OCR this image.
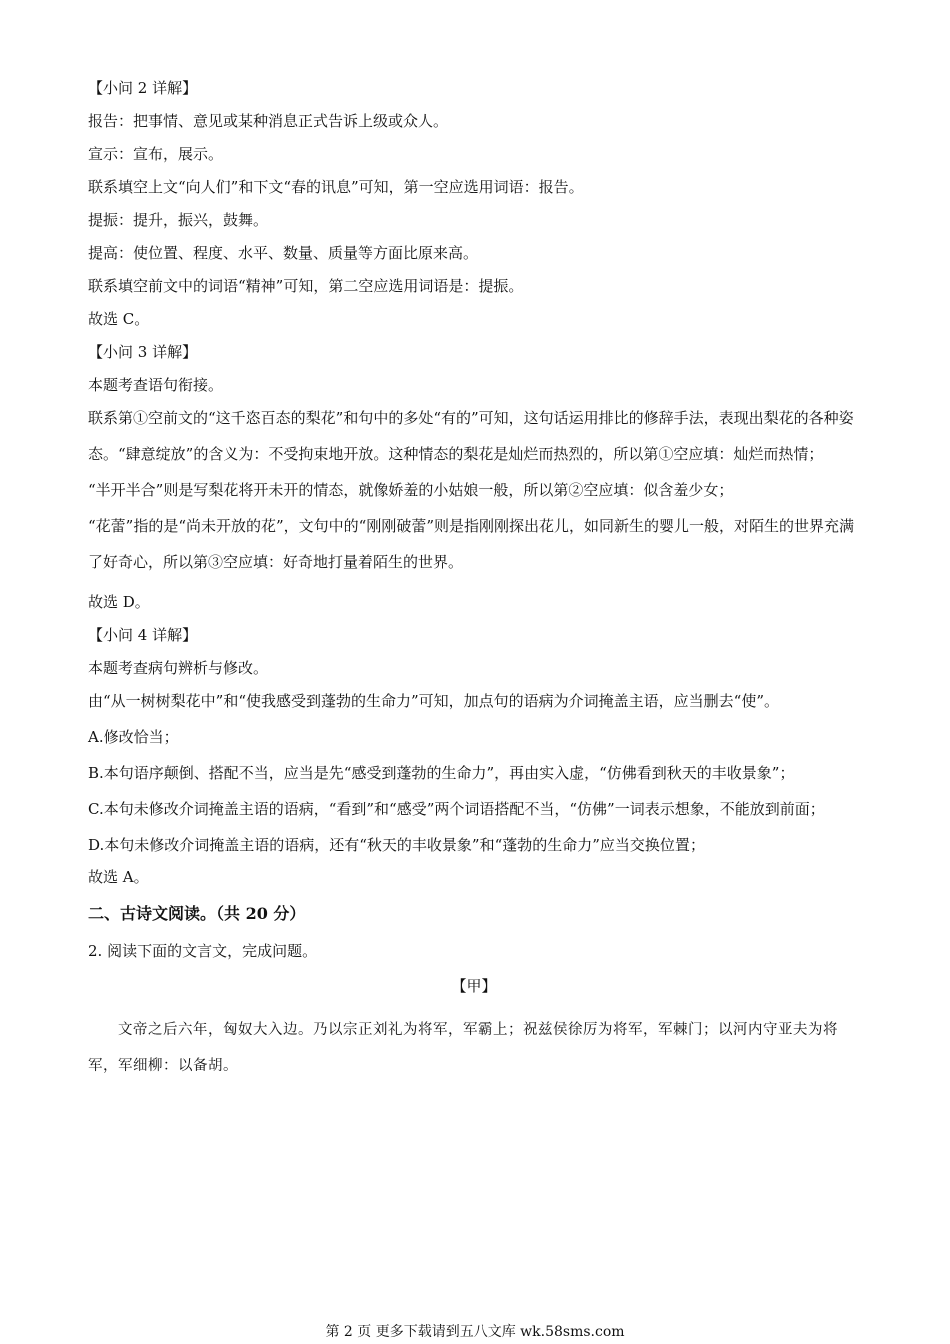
【小问 2 详解】

报告：把事情、意见或某种消息正式告诉上级或众人。

宣示：宣布，展示。

联系填空上文“向人们”和下文“春的讯息”可知，第一空应选用词语：报告。

提振：提升，振兴，鼓舞。

提高：使位置、程度、水平、数量、质量等方面比原来高。

联系填空前文中的词语“精神”可知，第二空应选用词语是：提振。

故选 C。

【小问 3 详解】

本题考查语句衔接。

联系第①空前文的“这千恣百态的梨花”和句中的多处“有的”可知，这句话运用排比的修辞手法，表现出梨花的各种姿态。“肆意绽放”的含义为：不受拘束地开放。这种情态的梨花是灿烂而热烈的，所以第①空应填：灿烂而热情；

“半开半合”则是写梨花将开未开的情态，就像娇羞的小姑娘一般，所以第②空应填：似含羞少女；

“花蕾”指的是“尚未开放的花”，文句中的“刚刚破蕾”则是指刚刚探出花儿，如同新生的婴儿一般，对陌生的世界充满了好奇心，所以第③空应填：好奇地打量着陌生的世界。

故选 D。

【小问 4 详解】

本题考查病句辨析与修改。

由“从一树树梨花中”和“使我感受到蓬勃的生命力”可知，加点句的语病为介词掩盖主语，应当删去“使”。

A.修改恰当；

B.本句语序颠倒、搭配不当，应当是先“感受到蓬勃的生命力”，再由实入虚，“仿佛看到秋天的丰收景象”；

C.本句未修改介词掩盖主语的语病，“看到”和“感受”两个词语搭配不当，“仿佛”一词表示想象，不能放到前面；

D.本句未修改介词掩盖主语的语病，还有“秋天的丰收景象”和“蓬勃的生命力”应当交换位置；

故选 A。

二、古诗文阅读。（共 20 分）

2. 阅读下面的文言文，完成问题。

【甲】

文帝之后六年，匈奴大入边。乃以宗正刘礼为将军，军霸上；祝兹侯徐厉为将军，军棘门；以河内守亚夫为将军，军细柳：以备胡。

第 2 页 更多下载请到五八文库 wk.58sms.com
